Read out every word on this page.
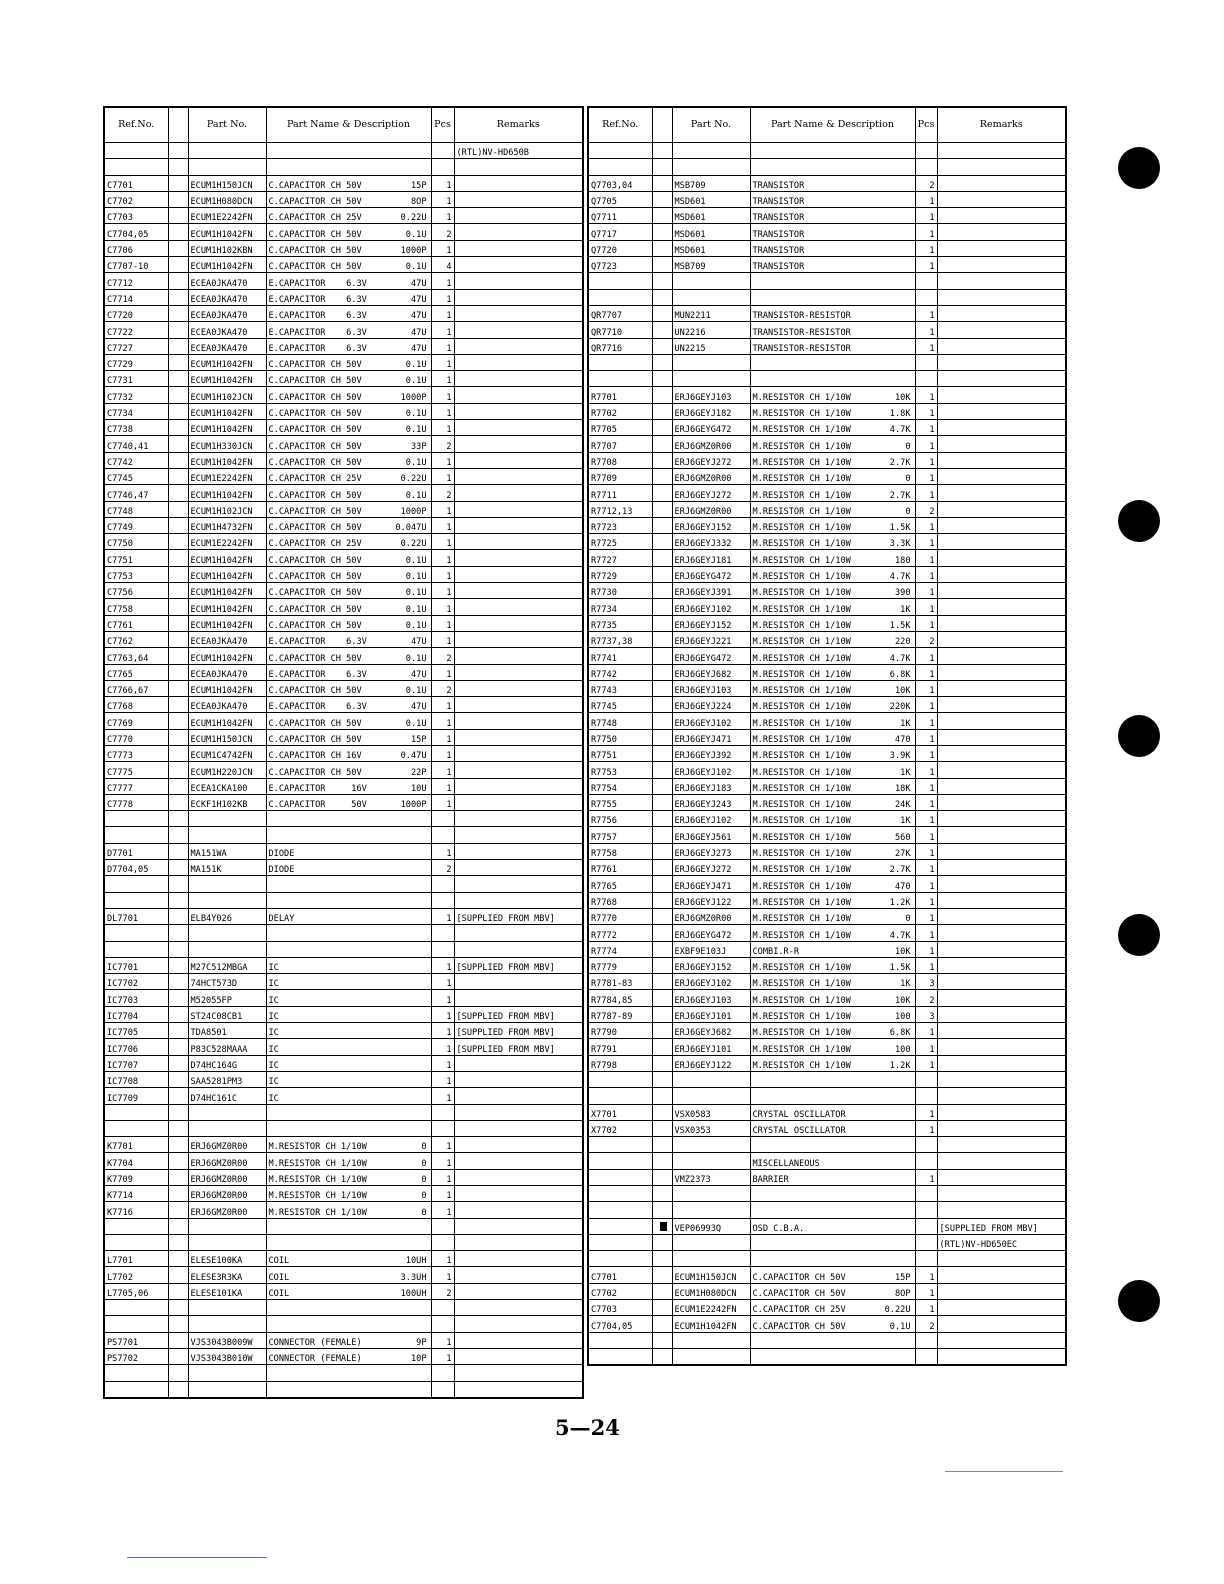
Ref.No.		Part No.	Part Name & Description	Pcs	Remarks

		(RTL)NV-HD650B

C7701		ECUM1H150JCN	C.CAPACITOR CH 50V 15P	1	
C7702		ECUM1H080DCN	C.CAPACITOR CH 50V 8OP	1	
C7703		ECUM1E2242FN	C.CAPACITOR CH 25V 0.22U	1	
C7704,05		ECUM1H1042FN	C.CAPACITOR CH 50V 0.1U	2	
C7706		ECUM1H102KBN	C.CAPACITOR CH 50V 1000P	1	
C7707-10		ECUM1H1042FN	C.CAPACITOR CH 50V 0.1U	4	
C7712		ECEA0JKA470	E.CAPACITOR    6.3V 47U	1	
C7714		ECEA0JKA470	E.CAPACITOR    6.3V 47U	1	
C7720		ECEA0JKA470	E.CAPACITOR    6.3V 47U	1	
C7722		ECEA0JKA470	E.CAPACITOR    6.3V 47U	1	
C7727		ECEA0JKA470	E.CAPACITOR    6.3V 47U	1	
C7729		ECUM1H1042FN	C.CAPACITOR CH 50V 0.1U	1	
C7731		ECUM1H1042FN	C.CAPACITOR CH 50V 0.1U	1	
C7732		ECUM1H102JCN	C.CAPACITOR CH 50V 1000P	1	
C7734		ECUM1H1042FN	C.CAPACITOR CH 50V 0.1U	1	
C7738		ECUM1H1042FN	C.CAPACITOR CH 50V 0.1U	1	
C7740,41		ECUM1H330JCN	C.CAPACITOR CH 50V 33P	2	
C7742		ECUM1H1042FN	C.CAPACITOR CH 50V 0.1U	1	
C7745		ECUM1E2242FN	C.CAPACITOR CH 25V 0.22U	1	
C7746,47		ECUM1H1042FN	C.CAPACITOR CH 50V 0.1U	2	
C7748		ECUM1H102JCN	C.CAPACITOR CH 50V 1000P	1	
C7749		ECUM1H4732FN	C.CAPACITOR CH 50V 0.047U	1	
C7750		ECUM1E2242FN	C.CAPACITOR CH 25V 0.22U	1	
C7751		ECUM1H1042FN	C.CAPACITOR CH 50V 0.1U	1	
C7753		ECUM1H1042FN	C.CAPACITOR CH 50V 0.1U	1	
C7756		ECUM1H1042FN	C.CAPACITOR CH 50V 0.1U	1	
C7758		ECUM1H1042FN	C.CAPACITOR CH 50V 0.1U	1	
C7761		ECUM1H1042FN	C.CAPACITOR CH 50V 0.1U	1	
C7762		ECEA0JKA470	E.CAPACITOR    6.3V 47U	1	
C7763,64		ECUM1H1042FN	C.CAPACITOR CH 50V 0.1U	2	
C7765		ECEA0JKA470	E.CAPACITOR    6.3V 47U	1	
C7766,67		ECUM1H1042FN	C.CAPACITOR CH 50V 0.1U	2	
C7768		ECEA0JKA470	E.CAPACITOR    6.3V 47U	1	
C7769		ECUM1H1042FN	C.CAPACITOR CH 50V 0.1U	1	
C7770		ECUM1H150JCN	C.CAPACITOR CH 50V 15P	1	
C7773		ECUM1C4742FN	C.CAPACITOR CH 16V 0.47U	1	
C7775		ECUM1H220JCN	C.CAPACITOR CH 50V 22P	1	
C7777		ECEA1CKA100	E.CAPACITOR     16V 10U	1	
C7778		ECKF1H102KB	C.CAPACITOR     50V 1000P	1	

D7701		MA151WA	DIODE	1	
D7704,05		MA151K	DIODE	2	

DL7701		ELB4Y026	DELAY	1	[SUPPLIED FROM MBV]

IC7701		M27C512MBGA	IC	1	[SUPPLIED FROM MBV]
IC7702		74HCT573D	IC	1	
IC7703		M52055FP	IC	1	
IC7704		ST24C08CB1	IC	1	[SUPPLIED FROM MBV]
IC7705		TDA8501	IC	1	[SUPPLIED FROM MBV]
IC7706		P83C528MAAA	IC	1	[SUPPLIED FROM MBV]
IC7707		D74HC164G	IC	1	
IC7708		SAA5281PM3	IC	1	
IC7709		D74HC161C	IC	1	

K7701		ERJ6GMZ0R00	M.RESISTOR CH 1/10W 0	1	
K7704		ERJ6GMZ0R00	M.RESISTOR CH 1/10W 0	1	
K7709		ERJ6GMZ0R00	M.RESISTOR CH 1/10W 0	1	
K7714		ERJ6GMZ0R00	M.RESISTOR CH 1/10W 0	1	
K7716		ERJ6GMZ0R00	M.RESISTOR CH 1/10W 0	1	

L7701		ELESE100KA	COIL 10UH	1	
L7702		ELESE3R3KA	COIL 3.3UH	1	
L7705,06		ELESE101KA	COIL 100UH	2	

PS7701		VJS3043B009W	CONNECTOR (FEMALE) 9P	1	
PS7702		VJS3043B010W	CONNECTOR (FEMALE) 10P	1	

Ref.No.		Part No.	Part Name & Description	Pcs	Remarks

Q7703,04		MSB709	TRANSISTOR	2	
Q7705		MSD601	TRANSISTOR	1	
Q7711		MSD601	TRANSISTOR	1	
Q7717		MSD601	TRANSISTOR	1	
Q7720		MSD601	TRANSISTOR	1	
Q7723		MSB709	TRANSISTOR	1	

QR7707		MUN2211	TRANSISTOR-RESISTOR	1	
QR7710		UN2216	TRANSISTOR-RESISTOR	1	
QR7716		UN2215	TRANSISTOR-RESISTOR	1	

R7701		ERJ6GEYJ103	M.RESISTOR CH 1/10W 10K	1	
R7702		ERJ6GEYJ182	M.RESISTOR CH 1/10W 1.8K	1	
R7705		ERJ6GEYG472	M.RESISTOR CH 1/10W 4.7K	1	
R7707		ERJ6GMZ0R00	M.RESISTOR CH 1/10W 0	1	
R7708		ERJ6GEYJ272	M.RESISTOR CH 1/10W 2.7K	1	
R7709		ERJ6GMZ0R00	M.RESISTOR CH 1/10W 0	1	
R7711		ERJ6GEYJ272	M.RESISTOR CH 1/10W 2.7K	1	
R7712,13		ERJ6GMZ0R00	M.RESISTOR CH 1/10W 0	2	
R7723		ERJ6GEYJ152	M.RESISTOR CH 1/10W 1.5K	1	
R7725		ERJ6GEYJ332	M.RESISTOR CH 1/10W 3.3K	1	
R7727		ERJ6GEYJ181	M.RESISTOR CH 1/10W 180	1	
R7729		ERJ6GEYG472	M.RESISTOR CH 1/10W 4.7K	1	
R7730		ERJ6GEYJ391	M.RESISTOR CH 1/10W 390	1	
R7734		ERJ6GEYJ102	M.RESISTOR CH 1/10W 1K	1	
R7735		ERJ6GEYJ152	M.RESISTOR CH 1/10W 1.5K	1	
R7737,38		ERJ6GEYJ221	M.RESISTOR CH 1/10W 220	2	
R7741		ERJ6GEYG472	M.RESISTOR CH 1/10W 4.7K	1	
R7742		ERJ6GEYJ682	M.RESISTOR CH 1/10W 6.8K	1	
R7743		ERJ6GEYJ103	M.RESISTOR CH 1/10W 10K	1	
R7745		ERJ6GEYJ224	M.RESISTOR CH 1/10W 220K	1	
R7748		ERJ6GEYJ102	M.RESISTOR CH 1/10W 1K	1	
R7750		ERJ6GEYJ471	M.RESISTOR CH 1/10W 470	1	
R7751		ERJ6GEYJ392	M.RESISTOR CH 1/10W 3.9K	1	
R7753		ERJ6GEYJ102	M.RESISTOR CH 1/10W 1K	1	
R7754		ERJ6GEYJ183	M.RESISTOR CH 1/10W 18K	1	
R7755		ERJ6GEYJ243	M.RESISTOR CH 1/10W 24K	1	
R7756		ERJ6GEYJ102	M.RESISTOR CH 1/10W 1K	1	
R7757		ERJ6GEYJ561	M.RESISTOR CH 1/10W 560	1	
R7758		ERJ6GEYJ273	M.RESISTOR CH 1/10W 27K	1	
R7761		ERJ6GEYJ272	M.RESISTOR CH 1/10W 2.7K	1	
R7765		ERJ6GEYJ471	M.RESISTOR CH 1/10W 470	1	
R7768		ERJ6GEYJ122	M.RESISTOR CH 1/10W 1.2K	1	
R7770		ERJ6GMZ0R00	M.RESISTOR CH 1/10W 0	1	
R7772		ERJ6GEYG472	M.RESISTOR CH 1/10W 4.7K	1	
R7774		EXBF9E103J	COMBI.R-R 10K	1	
R7779		ERJ6GEYJ152	M.RESISTOR CH 1/10W 1.5K	1	
R7781-83		ERJ6GEYJ102	M.RESISTOR CH 1/10W 1K	3	
R7784,85		ERJ6GEYJ103	M.RESISTOR CH 1/10W 10K	2	
R7787-89		ERJ6GEYJ101	M.RESISTOR CH 1/10W 100	3	
R7790		ERJ6GEYJ682	M.RESISTOR CH 1/10W 6.8K	1	
R7791		ERJ6GEYJ101	M.RESISTOR CH 1/10W 100	1	
R7798		ERJ6GEYJ122	M.RESISTOR CH 1/10W 1.2K	1	

X7701		VSX0583	CRYSTAL OSCILLATOR	1	
X7702		VSX0353	CRYSTAL OSCILLATOR	1	

			MISCELLANEOUS

		VMZ2373	BARRIER	1	

		VEP06993Q	OSD C.B.A.		[SUPPLIED FROM MBV]

		(RTL)NV-HD650EC

C7701		ECUM1H150JCN	C.CAPACITOR CH 50V 15P	1	
C7702		ECUM1H080DCN	C.CAPACITOR CH 50V 8OP	1	
C7703		ECUM1E2242FN	C.CAPACITOR CH 25V 0.22U	1	
C7704,05		ECUM1H1042FN	C.CAPACITOR CH 50V 0.1U	2	

5—24
